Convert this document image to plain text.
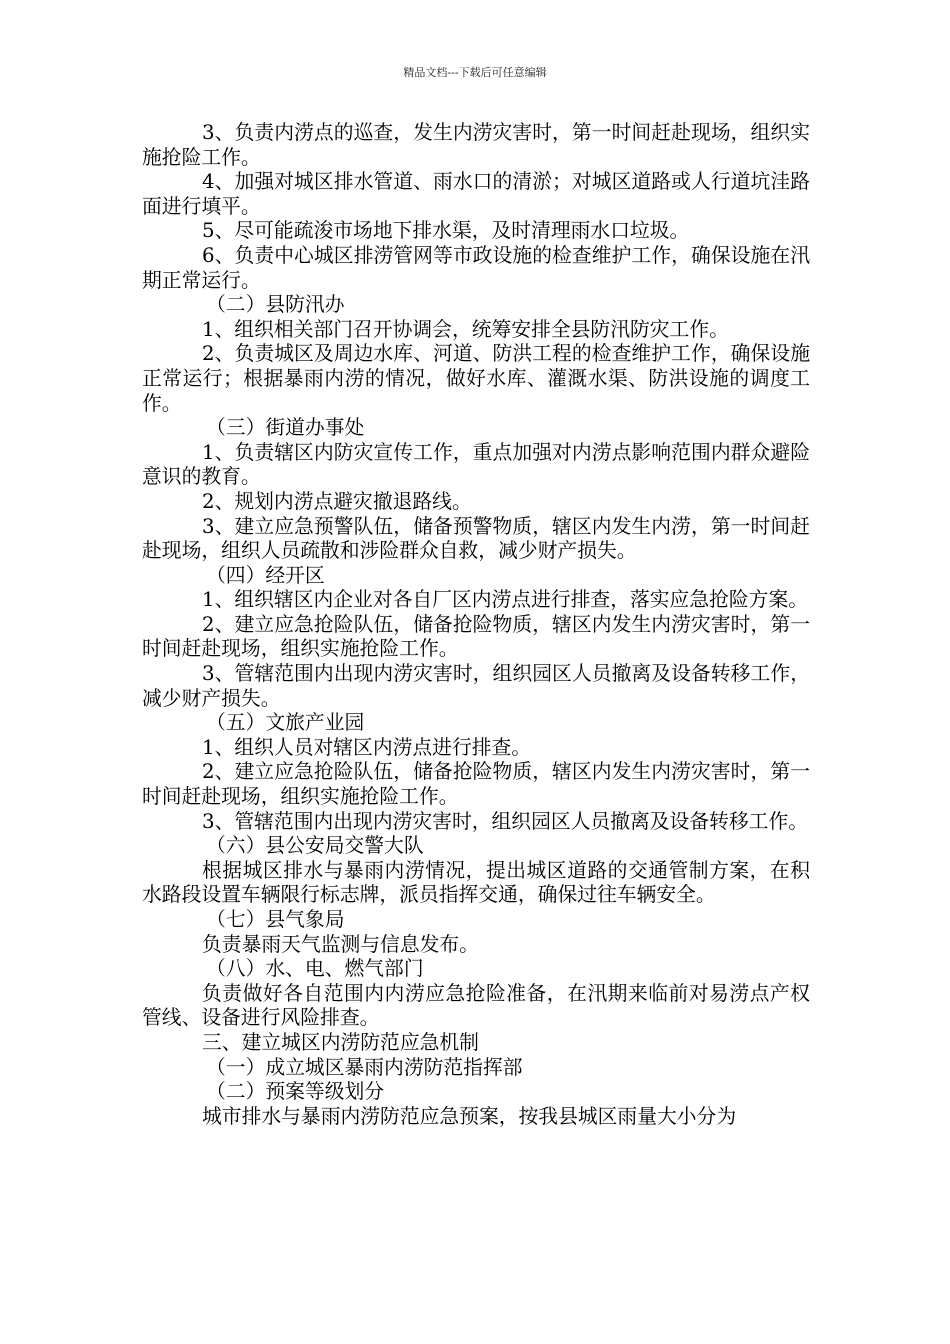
精品文档---下载后可任意编辑

3、负责内涝点的巡查，发生内涝灾害时，第一时间赶赴现场，组织实施抢险工作。

4、加强对城区排水管道、雨水口的清淤；对城区道路或人行道坑洼路面进行填平。

5、尽可能疏浚市场地下排水渠，及时清理雨水口垃圾。

6、负责中心城区排涝管网等市政设施的检查维护工作，确保设施在汛期正常运行。

（二）县防汛办

1、组织相关部门召开协调会，统筹安排全县防汛防灾工作。

2、负责城区及周边水库、河道、防洪工程的检查维护工作，确保设施正常运行；根据暴雨内涝的情况，做好水库、灌溉水渠、防洪设施的调度工作。

（三）街道办事处

1、负责辖区内防灾宣传工作，重点加强对内涝点影响范围内群众避险意识的教育。

2、规划内涝点避灾撤退路线。

3、建立应急预警队伍，储备预警物质，辖区内发生内涝，第一时间赶赴现场，组织人员疏散和涉险群众自救，减少财产损失。

（四）经开区

1、组织辖区内企业对各自厂区内涝点进行排查，落实应急抢险方案。

2、建立应急抢险队伍，储备抢险物质，辖区内发生内涝灾害时，第一时间赶赴现场，组织实施抢险工作。

3、管辖范围内出现内涝灾害时，组织园区人员撤离及设备转移工作，减少财产损失。

（五）文旅产业园

1、组织人员对辖区内涝点进行排查。

2、建立应急抢险队伍，储备抢险物质，辖区内发生内涝灾害时，第一时间赶赴现场，组织实施抢险工作。

3、管辖范围内出现内涝灾害时，组织园区人员撤离及设备转移工作。

（六）县公安局交警大队

根据城区排水与暴雨内涝情况，提出城区道路的交通管制方案，在积水路段设置车辆限行标志牌，派员指挥交通，确保过往车辆安全。

（七）县气象局

负责暴雨天气监测与信息发布。

（八）水、电、燃气部门

负责做好各自范围内内涝应急抢险准备，在汛期来临前对易涝点产权管线、设备进行风险排查。

三、建立城区内涝防范应急机制

（一）成立城区暴雨内涝防范指挥部

（二）预案等级划分

城市排水与暴雨内涝防范应急预案，按我县城区雨量大小分为
